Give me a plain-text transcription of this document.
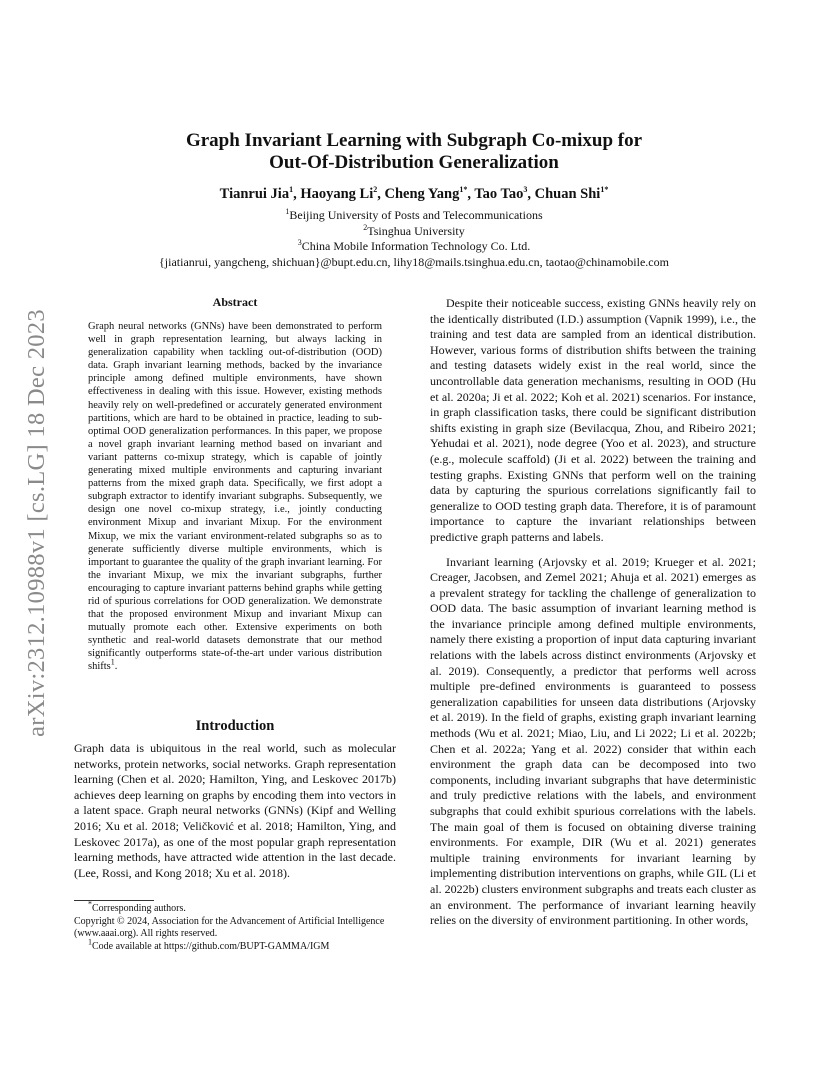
arXiv:2312.10988v1 [cs.LG] 18 Dec 2023
Graph Invariant Learning with Subgraph Co-mixup for
Out-Of-Distribution Generalization
Tianrui Jia$^1$, Haoyang Li$^2$, Cheng Yang$^{1*}$, Tao Tao$^3$, Chuan Shi$^{1*}$
$^1$Beijing University of Posts and Telecommunications
$^2$Tsinghua University
$^3$China Mobile Information Technology Co. Ltd.
{jiatianrui, yangcheng, shichuan}@bupt.edu.cn, lihy18@mails.tsinghua.edu.cn, taotao@chinamobile.com
Abstract
Graph neural networks (GNNs) have been demonstrated to perform well in graph representation learning, but always lacking in generalization capability when tackling out-of-distribution (OOD) data. Graph invariant learning methods, backed by the invariance principle among defined multiple environments, have shown effectiveness in dealing with this issue. However, existing methods heavily rely on well-predefined or accurately generated environment partitions, which are hard to be obtained in practice, leading to sub-optimal OOD generalization performances. In this paper, we propose a novel graph invariant learning method based on invariant and variant patterns co-mixup strategy, which is capable of jointly generating mixed multiple environments and capturing invariant patterns from the mixed graph data. Specifically, we first adopt a subgraph extractor to identify invariant subgraphs. Subsequently, we design one novel co-mixup strategy, i.e., jointly conducting environment Mixup and invariant Mixup. For the environment Mixup, we mix the variant environment-related subgraphs so as to generate sufficiently diverse multiple environments, which is important to guarantee the quality of the graph invariant learning. For the invariant Mixup, we mix the invariant subgraphs, further encouraging to capture invariant patterns behind graphs while getting rid of spurious correlations for OOD generalization. We demonstrate that the proposed environment Mixup and invariant Mixup can mutually promote each other. Extensive experiments on both synthetic and real-world datasets demonstrate that our method significantly outperforms state-of-the-art under various distribution shifts$^1$.
Introduction
Graph data is ubiquitous in the real world, such as molecular networks, protein networks, social networks. Graph representation learning (Chen et al. 2020; Hamilton, Ying, and Leskovec 2017b) achieves deep learning on graphs by encoding them into vectors in a latent space. Graph neural networks (GNNs) (Kipf and Welling 2016; Xu et al. 2018; Veličković et al. 2018; Hamilton, Ying, and Leskovec 2017a), as one of the most popular graph representation learning methods, have attracted wide attention in the last decade. (Lee, Rossi, and Kong 2018; Xu et al. 2018).
*Corresponding authors.
Copyright © 2024, Association for the Advancement of Artificial Intelligence (www.aaai.org). All rights reserved.
$^1$Code available at https://github.com/BUPT-GAMMA/IGM

Despite their noticeable success, existing GNNs heavily rely on the identically distributed (I.D.) assumption (Vapnik 1999), i.e., the training and test data are sampled from an identical distribution. However, various forms of distribution shifts between the training and testing datasets widely exist in the real world, since the uncontrollable data generation mechanisms, resulting in OOD (Hu et al. 2020a; Ji et al. 2022; Koh et al. 2021) scenarios. For instance, in graph classification tasks, there could be significant distribution shifts existing in graph size (Bevilacqua, Zhou, and Ribeiro 2021; Yehudai et al. 2021), node degree (Yoo et al. 2023), and structure (e.g., molecule scaffold) (Ji et al. 2022) between the training and testing graphs. Existing GNNs that perform well on the training data by capturing the spurious correlations significantly fail to generalize to OOD testing graph data. Therefore, it is of paramount importance to capture the invariant relationships between predictive graph patterns and labels.

Invariant learning (Arjovsky et al. 2019; Krueger et al. 2021; Creager, Jacobsen, and Zemel 2021; Ahuja et al. 2021) emerges as a prevalent strategy for tackling the challenge of generalization to OOD data. The basic assumption of invariant learning method is the invariance principle among defined multiple environments, namely there existing a proportion of input data capturing invariant relations with the labels across distinct environments (Arjovsky et al. 2019). Consequently, a predictor that performs well across multiple pre-defined environments is guaranteed to possess generalization capabilities for unseen data distributions (Arjovsky et al. 2019). In the field of graphs, existing graph invariant learning methods (Wu et al. 2021; Miao, Liu, and Li 2022; Li et al. 2022b; Chen et al. 2022a; Yang et al. 2022) consider that within each environment the graph data can be decomposed into two components, including invariant subgraphs that have deterministic and truly predictive relations with the labels, and environment subgraphs that could exhibit spurious correlations with the labels. The main goal of them is focused on obtaining diverse training environments. For example, DIR (Wu et al. 2021) generates multiple training environments for invariant learning by implementing distribution interventions on graphs, while GIL (Li et al. 2022b) clusters environment subgraphs and treats each cluster as an environment. The performance of invariant learning heavily relies on the diversity of environment partitioning. In other words,
